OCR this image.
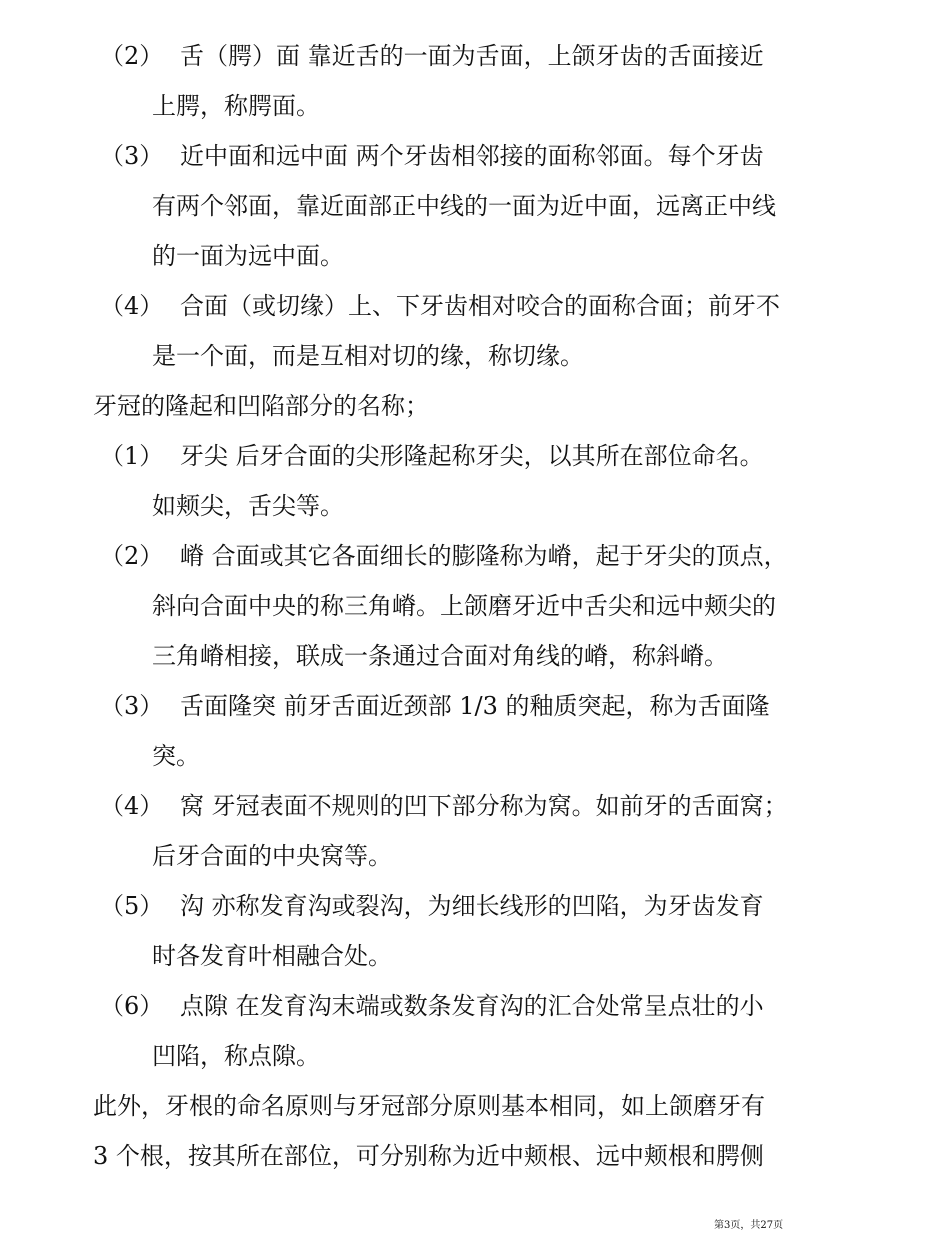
（2） 舌（腭）面 靠近舌的一面为舌面，上颌牙齿的舌面接近
上腭，称腭面。
（3） 近中面和远中面 两个牙齿相邻接的面称邻面。每个牙齿
有两个邻面，靠近面部正中线的一面为近中面，远离正中线
的一面为远中面。
（4） 合面（或切缘）上、下牙齿相对咬合的面称合面；前牙不
是一个面，而是互相对切的缘，称切缘。
牙冠的隆起和凹陷部分的名称；
（1） 牙尖 后牙合面的尖形隆起称牙尖，以其所在部位命名。
如颊尖，舌尖等。
（2） 嵴 合面或其它各面细长的膨隆称为嵴，起于牙尖的顶点，
斜向合面中央的称三角嵴。上颌磨牙近中舌尖和远中颊尖的
三角嵴相接，联成一条通过合面对角线的嵴，称斜嵴。
（3） 舌面隆突 前牙舌面近颈部 1/3 的釉质突起，称为舌面隆
突。
（4） 窝 牙冠表面不规则的凹下部分称为窝。如前牙的舌面窝；
后牙合面的中央窝等。
（5） 沟 亦称发育沟或裂沟，为细长线形的凹陷，为牙齿发育
时各发育叶相融合处。
（6） 点隙 在发育沟末端或数条发育沟的汇合处常呈点壮的小
凹陷，称点隙。
此外，牙根的命名原则与牙冠部分原则基本相同，如上颌磨牙有
3 个根，按其所在部位，可分别称为近中颊根、远中颊根和腭侧
第3页，共27页
